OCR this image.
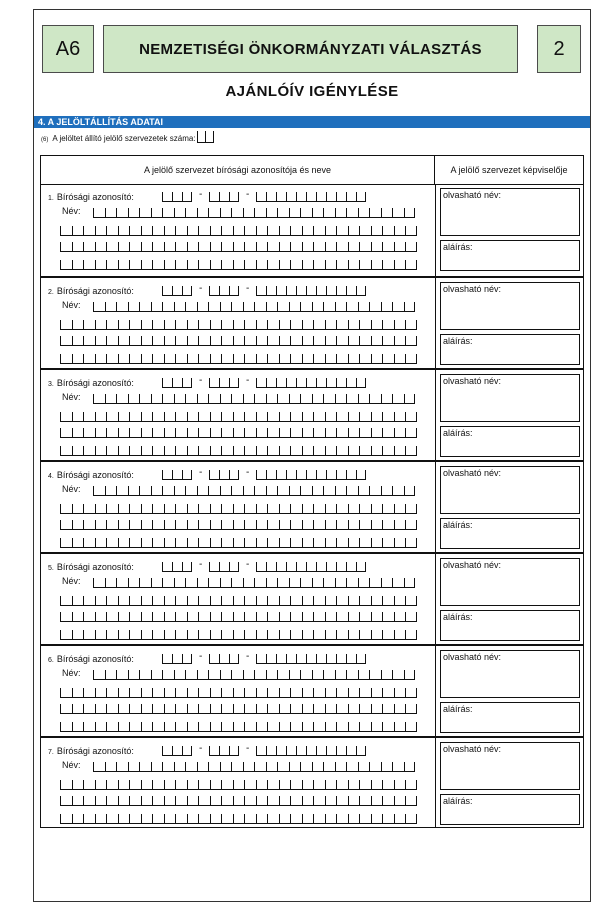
A6	NEMZETISÉGI ÖNKORMÁNYZATI VÁLASZTÁS	2
AJÁNLÓÍV IGÉNYLÉSE
4. A JELÖLTÁLLÍTÁS ADATAI
(6) A jelöltet állító jelölő szervezetek száma:
A jelölő szervezet bírósági azonosítója és neve	A jelölő szervezet képviselője
1. Bírósági azonosító:	-	-
Név:
olvasható név:
aláírás:
2. Bírósági azonosító:	-	-
Név:
olvasható név:
aláírás:
3. Bírósági azonosító:	-	-
Név:
olvasható név:
aláírás:
4. Bírósági azonosító:	-	-
Név:
olvasható név:
aláírás:
5. Bírósági azonosító:	-	-
Név:
olvasható név:
aláírás:
6. Bírósági azonosító:	-	-
Név:
olvasható név:
aláírás:
7. Bírósági azonosító:	-	-
Név:
olvasható név:
aláírás:
